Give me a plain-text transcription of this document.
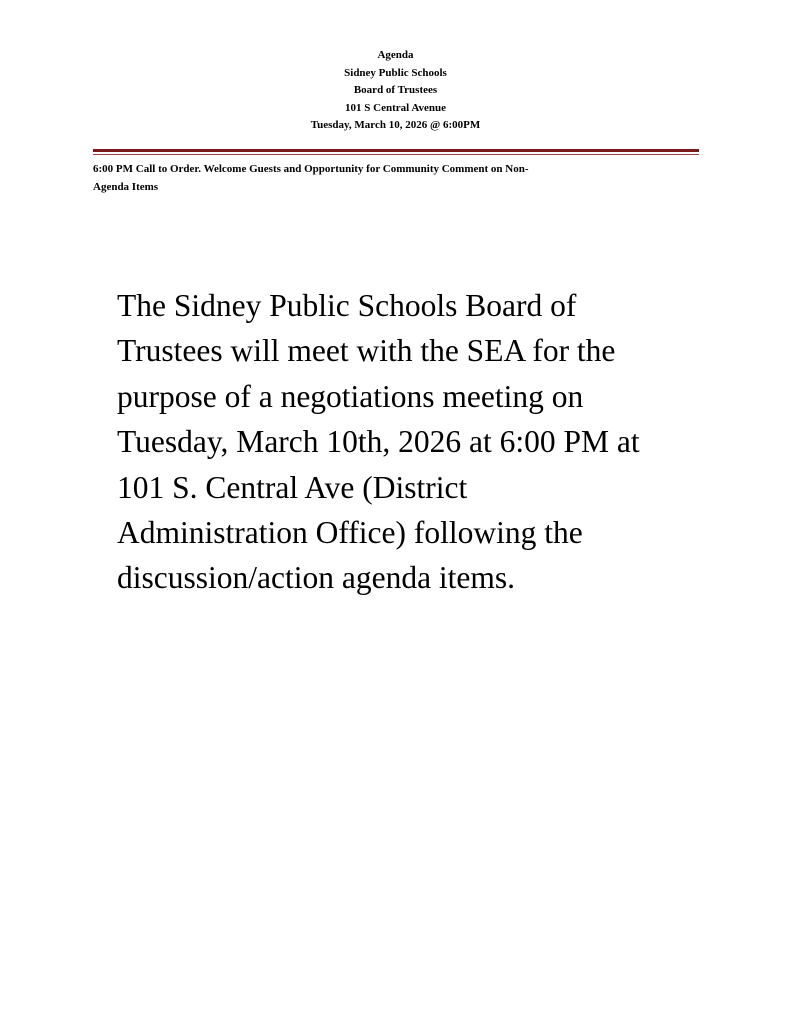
Agenda
Sidney Public Schools
Board of Trustees
101 S Central Avenue
Tuesday, March 10, 2026 @ 6:00PM
6:00 PM Call to Order. Welcome Guests and Opportunity for Community Comment on Non-
Agenda Items
The Sidney Public Schools Board of
Trustees will meet with the SEA for the
purpose of a negotiations meeting on
Tuesday, March 10th, 2026 at 6:00 PM at
101 S. Central Ave (District
Administration Office) following the
discussion/action agenda items.
